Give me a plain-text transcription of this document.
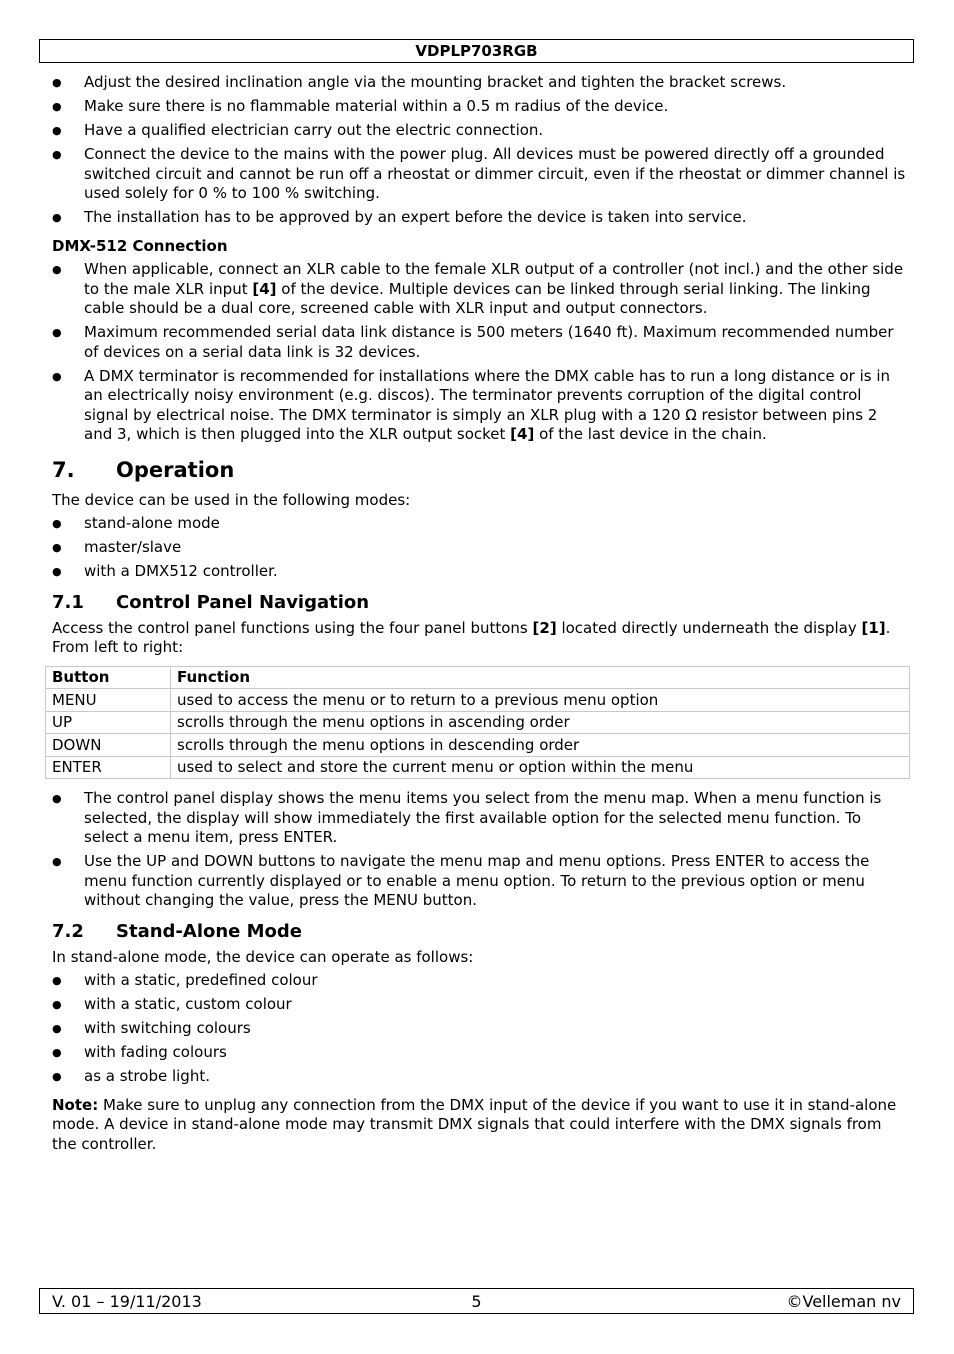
VDPLP703RGB
● Adjust the desired inclination angle via the mounting bracket and tighten the bracket screws.
● Make sure there is no flammable material within a 0.5 m radius of the device.
● Have a qualified electrician carry out the electric connection.
● Connect the device to the mains with the power plug. All devices must be powered directly off a grounded switched circuit and cannot be run off a rheostat or dimmer circuit, even if the rheostat or dimmer channel is used solely for 0 % to 100 % switching.
● The installation has to be approved by an expert before the device is taken into service.
DMX-512 Connection
● When applicable, connect an XLR cable to the female XLR output of a controller (not incl.) and the other side to the male XLR input [4] of the device. Multiple devices can be linked through serial linking. The linking cable should be a dual core, screened cable with XLR input and output connectors.
● Maximum recommended serial data link distance is 500 meters (1640 ft). Maximum recommended number of devices on a serial data link is 32 devices.
● A DMX terminator is recommended for installations where the DMX cable has to run a long distance or is in an electrically noisy environment (e.g. discos). The terminator prevents corruption of the digital control signal by electrical noise. The DMX terminator is simply an XLR plug with a 120 Ω resistor between pins 2 and 3, which is then plugged into the XLR output socket [4] of the last device in the chain.
7. Operation

The device can be used in the following modes:

● stand-alone mode
● master/slave
● with a DMX512 controller.
7.1 Control Panel Navigation

Access the control panel functions using the four panel buttons [2] located directly underneath the display [1]. From left to right:

Button	Function
MENU	used to access the menu or to return to a previous menu option
UP	scrolls through the menu options in ascending order
DOWN	scrolls through the menu options in descending order
ENTER	used to select and store the current menu or option within the menu
● The control panel display shows the menu items you select from the menu map. When a menu function is selected, the display will show immediately the first available option for the selected menu function. To select a menu item, press ENTER.
● Use the UP and DOWN buttons to navigate the menu map and menu options. Press ENTER to access the menu function currently displayed or to enable a menu option. To return to the previous option or menu without changing the value, press the MENU button.
7.2 Stand-Alone Mode

In stand-alone mode, the device can operate as follows:

● with a static, predefined colour
● with a static, custom colour
● with switching colours
● with fading colours
● as a strobe light.

Note: Make sure to unplug any connection from the DMX input of the device if you want to use it in stand-alone mode. A device in stand-alone mode may transmit DMX signals that could interfere with the DMX signals from the controller.

V. 01 – 19/11/2013	5	©Velleman nv
